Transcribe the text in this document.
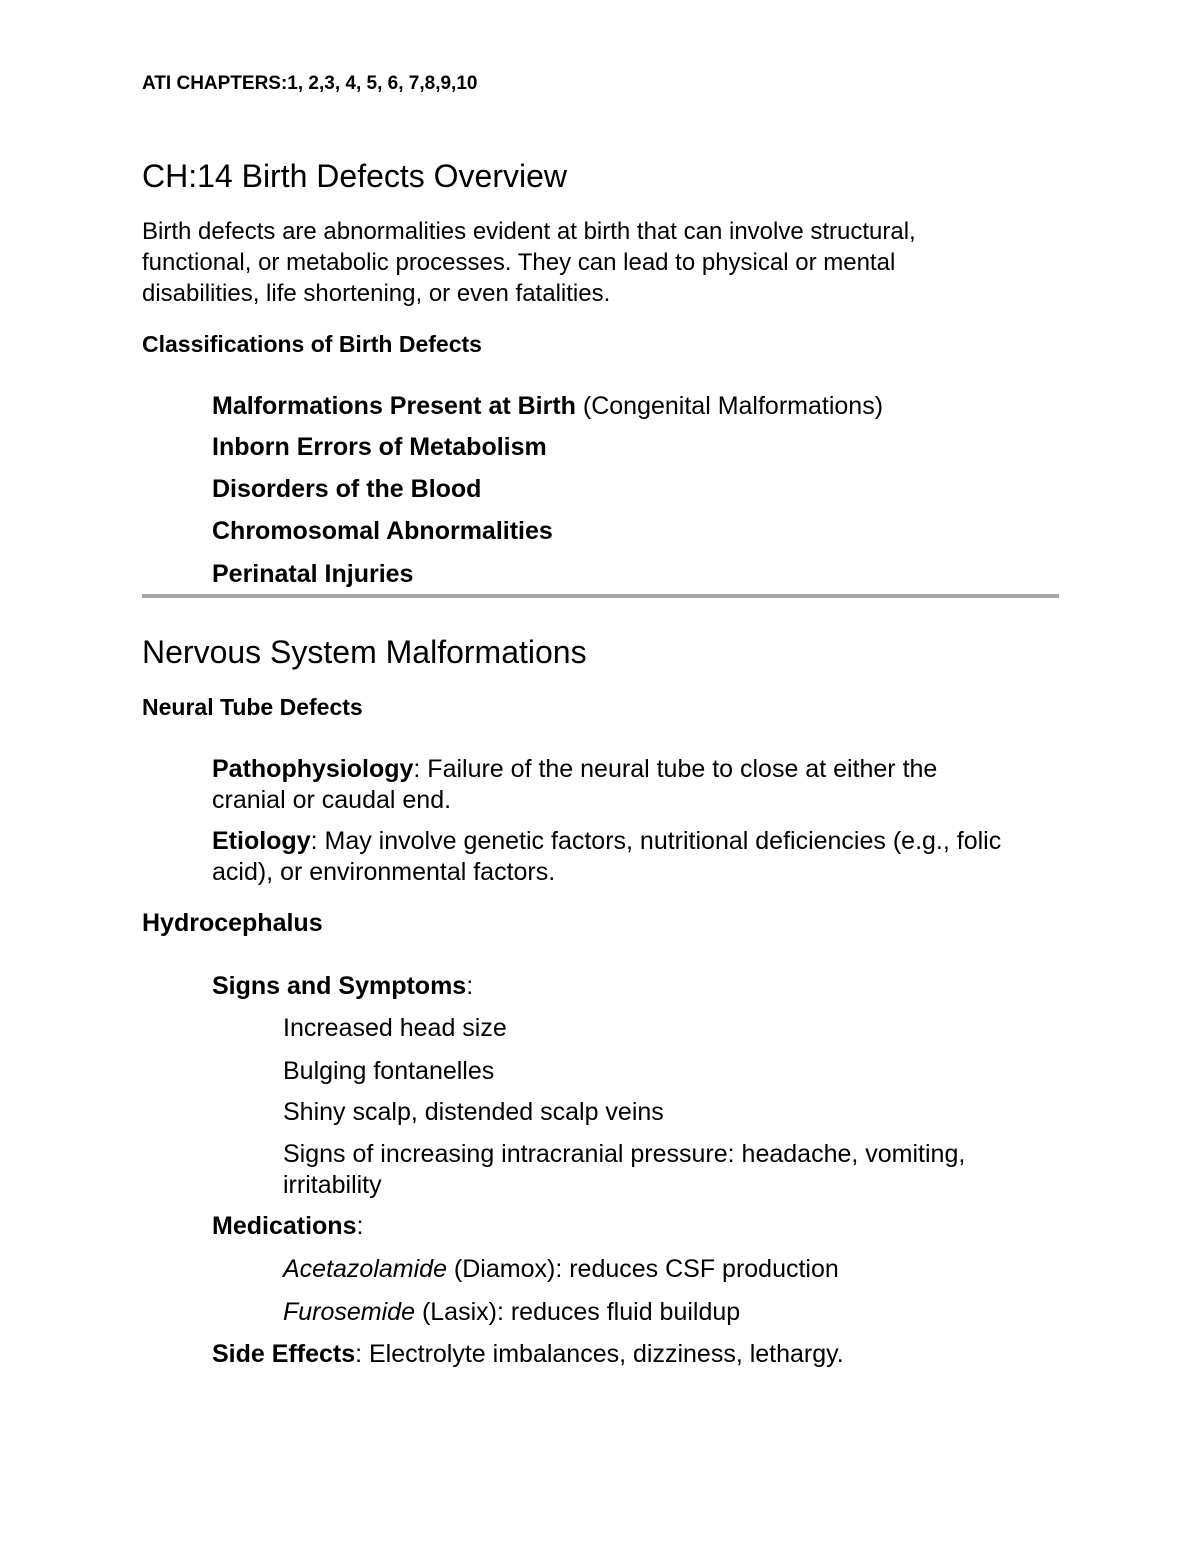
ATI CHAPTERS:1, 2,3, 4, 5, 6, 7,8,9,10
CH:14 Birth Defects Overview
Birth defects are abnormalities evident at birth that can involve structural,
functional, or metabolic processes. They can lead to physical or mental
disabilities, life shortening, or even fatalities.
Classifications of Birth Defects
Malformations Present at Birth (Congenital Malformations)
Inborn Errors of Metabolism
Disorders of the Blood
Chromosomal Abnormalities
Perinatal Injuries
Nervous System Malformations
Neural Tube Defects
Pathophysiology: Failure of the neural tube to close at either the
cranial or caudal end.
Etiology: May involve genetic factors, nutritional deficiencies (e.g., folic
acid), or environmental factors.
Hydrocephalus
Signs and Symptoms:
Increased head size
Bulging fontanelles
Shiny scalp, distended scalp veins
Signs of increasing intracranial pressure: headache, vomiting,
irritability
Medications:
Acetazolamide (Diamox): reduces CSF production
Furosemide (Lasix): reduces fluid buildup
Side Effects: Electrolyte imbalances, dizziness, lethargy.
